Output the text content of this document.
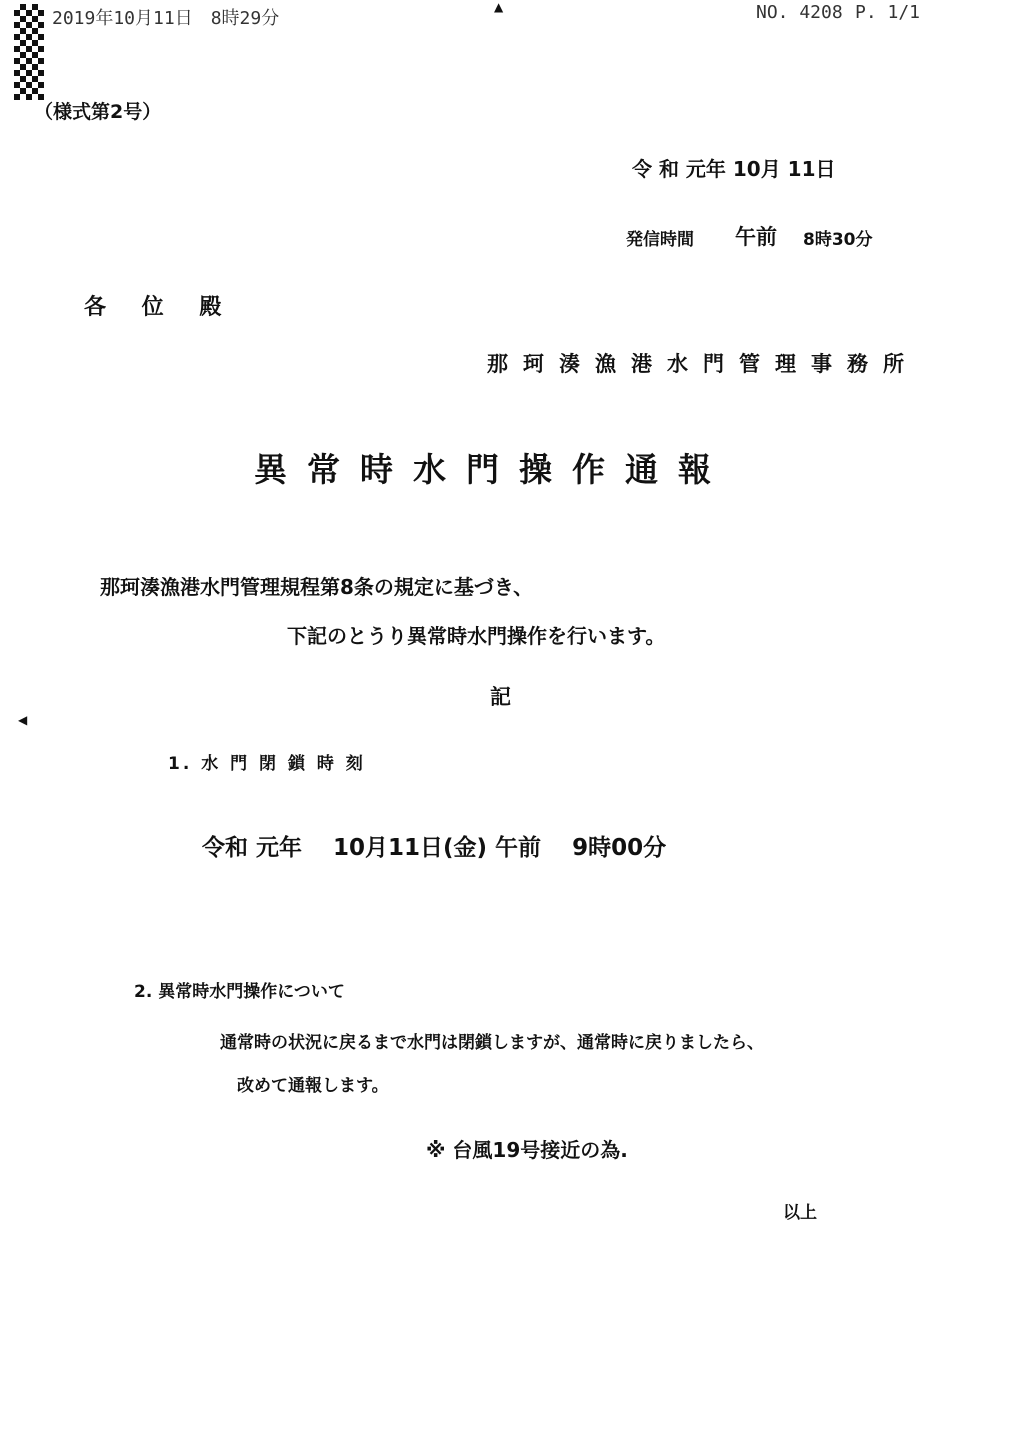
2019年10月11日　8時29分
▲	NO. 4208 P. 1/1
（様式第2号）
令 和 元年 10月 11日
発信時間 午前 8時30分
各 位 殿
那珂湊漁港水門管理事務所
異常時水門操作通報
那珂湊漁港水門管理規程第8条の規定に基づき、
下記のとうり異常時水門操作を行います。
記
◀
1. 水 門 閉 鎖 時 刻
令和 元年　 10月11日(金) 午前　 9時00分
2. 異常時水門操作について
通常時の状況に戻るまで水門は閉鎖しますが、通常時に戻りましたら、
改めて通報します。
※ 台風19号接近の為.
以上
